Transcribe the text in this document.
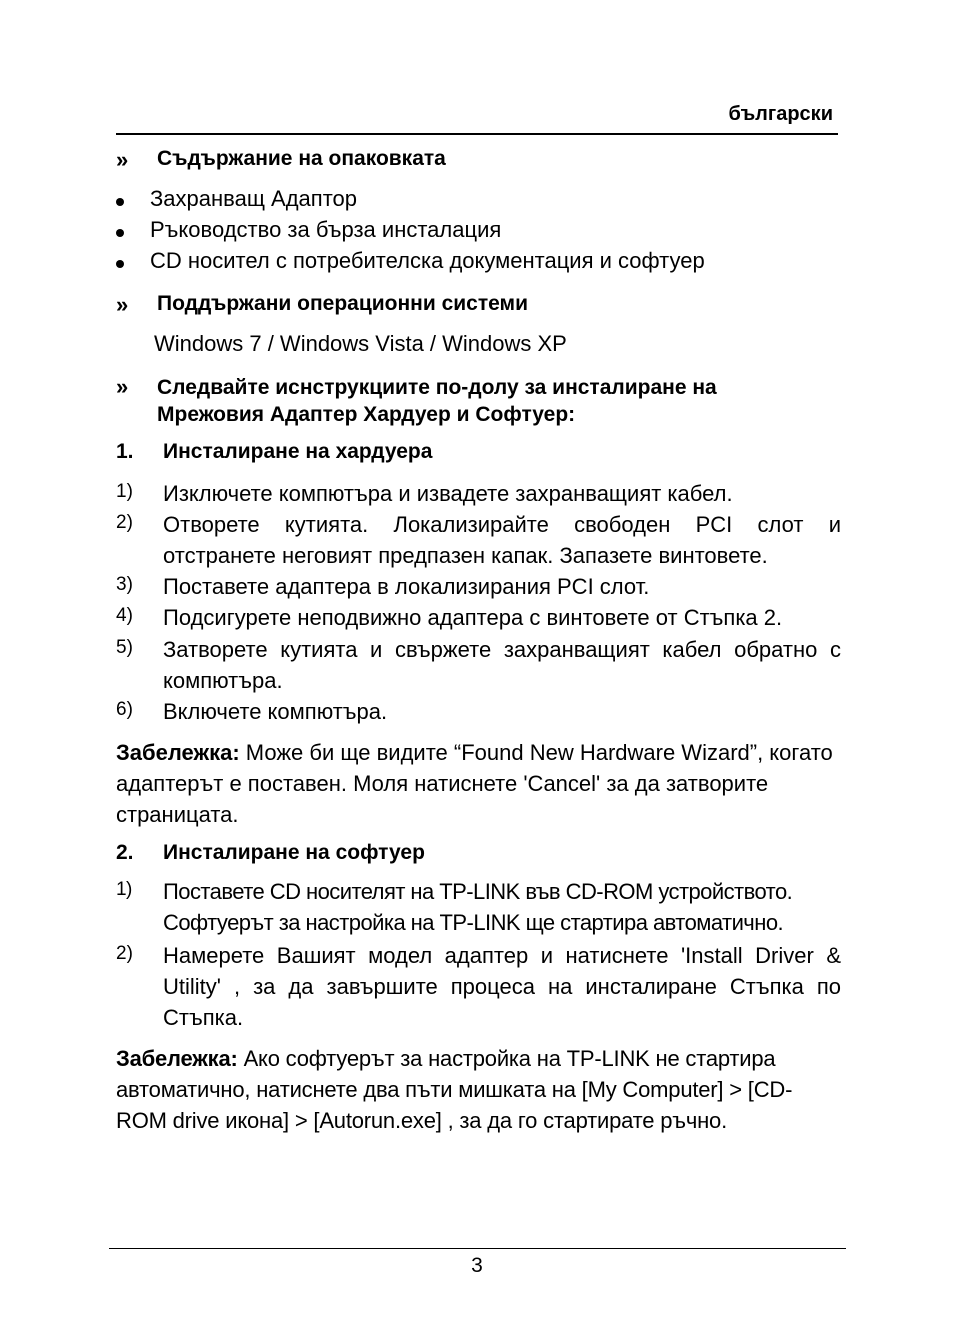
български
» Съдържание на опаковката
Захранващ Адаптор
Ръководство за бърза инсталация
CD носител с потребителска документация и софтуер
» Поддържани операционни системи
Windows 7 / Windows Vista / Windows XP
» Следвайте иснструкциите по-долу за инсталиране на
Мрежовия Адаптер Хардуер и Софтуер:
1. Инсталиране на хардуера
1) Изключете компютъра и извадете захранващият кабел.
2) Отворете кутията. Локализирайте свободен PCI слот и отстранете неговият предпазен капак. Запазете винтовете.
3) Поставете адаптера в локализирания PCI слот.
4) Подсигурете неподвижно адаптера с винтовете от Стъпка 2.
5) Затворете кутията и свържете захранващият кабел обратно с компютъра.
6) Включете компютъра.
Забележка: Може би ще видите “Found New Hardware Wizard”, когато адаптерът е поставен. Моля натиснете 'Cancel' за да затворите страницата.
2. Инсталиране на софтуер
1) Поставете CD носителят на TP-LINK във CD-ROM устройството. Софтуерът за настройка на TP-LINK ще стартира автоматично.
2) Намерете Вашият модел адаптер и натиснете 'Install Driver & Utility' , за да завършите процеса на инсталиране Стъпка по Стъпка.
Забележка: Ако софтуерът за настройка на TP-LINK не стартира автоматично, натиснете два пъти мишката на [My Computer] > [CD-ROM drive икона] > [Autorun.exe] , за да го стартирате ръчно.
3
